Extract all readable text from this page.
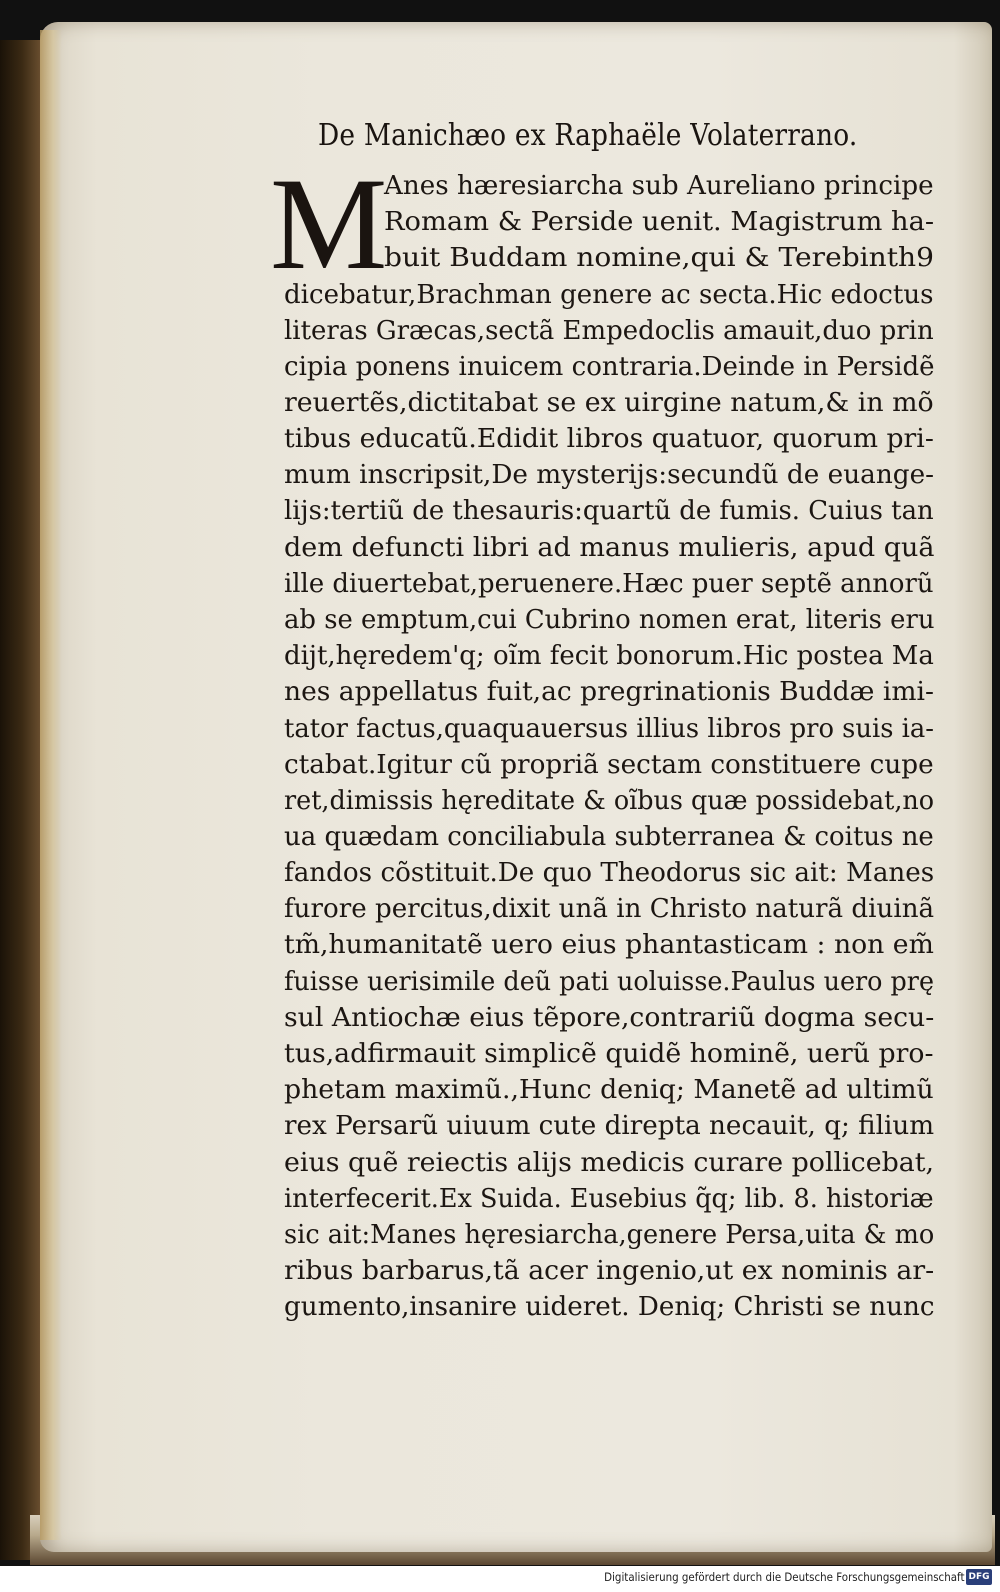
De Manichæo ex Raphaële Volaterrano.
M
Anes hæresiarcha sub Aureliano principe
Romam & Perside uenit. Magistrum ha-
buit Buddam nomine,qui & Terebinth9
dicebatur,Brachman genere ac secta.Hic edoctus
literas Græcas,sectã Empedoclis amauit,duo prin
cipia ponens inuicem contraria.Deinde in Persidẽ
reuertẽs,dictitabat se ex uirgine natum,& in mõ
tibus educatũ.Edidit libros quatuor, quorum pri-
mum inscripsit,De mysterijs:secundũ de euange-
lijs:tertiũ de thesauris:quartũ de fumis. Cuius tan
dem defuncti libri ad manus mulieris, apud quã
ille diuertebat,peruenere.Hæc puer septẽ annorũ
ab se emptum,cui Cubrino nomen erat, literis eru
dijt,hęredem'q; oĩm fecit bonorum.Hic postea Ma
nes appellatus fuit,ac pregrinationis Buddæ imi-
tator factus,quaquauersus illius libros pro suis ia-
ctabat.Igitur cũ propriã sectam constituere cupe
ret,dimissis hęreditate & oĩbus quæ possidebat,no
ua quædam conciliabula subterranea & coitus ne
fandos cõstituit.De quo Theodorus sic ait: Manes
furore percitus,dixit unã in Christo naturã diuinã
tm̃,humanitatẽ uero eius phantasticam : non em̃
fuisse uerisimile deũ pati uoluisse.Paulus uero prę
sul Antiochæ eius tẽpore,contrariũ dogma secu-
tus,adfirmauit simplicẽ quidẽ hominẽ, uerũ pro-
phetam maximũ.,Hunc deniq; Manetẽ ad ultimũ
rex Persarũ uiuum cute direpta necauit, q; filium
eius quẽ reiectis alijs medicis curare pollicebat,
interfecerit.Ex Suida. Eusebius q̃q; lib. 8. historiæ
sic ait:Manes hęresiarcha,genere Persa,uita & mo
ribus barbarus,tã acer ingenio,ut ex nominis ar-
gumento,insanire uideret. Deniq; Christi se nunc
Digitalisierung gefördert durch die Deutsche Forschungsgemeinschaft DFG
